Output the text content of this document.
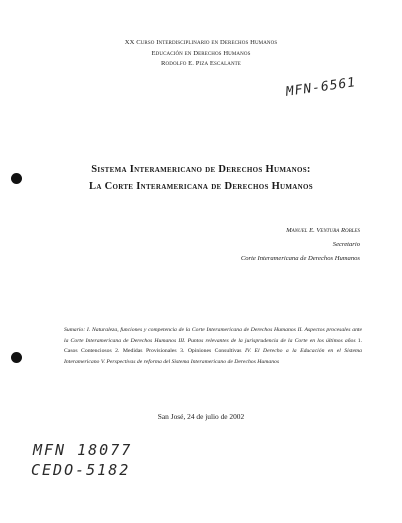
XX Curso Interdisciplinario en Derechos Humanos
Educación en Derechos Humanos
Rodolfo E. Piza Escalante
MFN-6561
Sistema Interamericano de Derechos Humanos:
La Corte Interamericana de Derechos Humanos
Manuel E. Ventura Robles
Secretario
Corte Interamericana de Derechos Humanos
Sumario: I. Naturaleza, funciones y competencia de la Corte Interamericana de Derechos Humanos II. Aspectos procesales ante la Corte Interamericana de Derechos Humanos III. Puntos relevantes de la jurisprudencia de la Corte en los últimos años 1. Casos Contenciosos 2. Medidas Provisionales 3. Opiniones Consultivas IV. El Derecho a la Educación en el Sistema Interamericano V. Perspectivas de reforma del Sistema Interamericano de Derechos Humanos
San José, 24 de julio de 2002
MFN 18077
CEDO-5182
